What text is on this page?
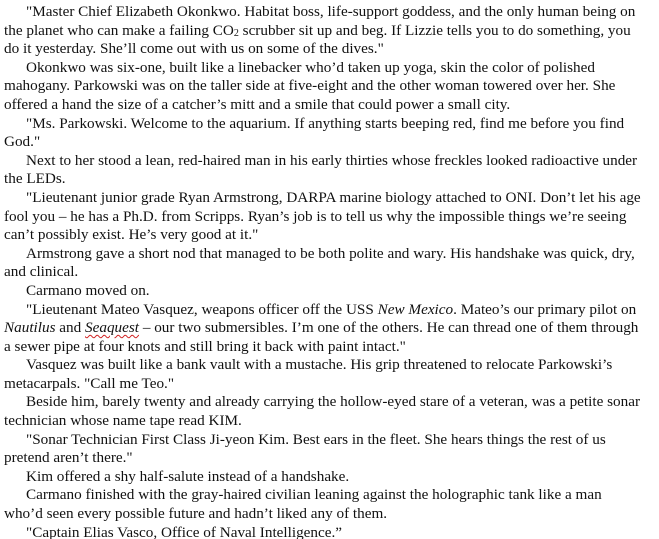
"Master Chief Elizabeth Okonkwo. Habitat boss, life-support goddess, and the only human being on the planet who can make a failing CO2 scrubber sit up and beg. If Lizzie tells you to do something, you do it yesterday. She’ll come out with us on some of the dives."

Okonkwo was six-one, built like a linebacker who’d taken up yoga, skin the color of polished mahogany. Parkowski was on the taller side at five-eight and the other woman towered over her. She offered a hand the size of a catcher’s mitt and a smile that could power a small city.

"Ms. Parkowski. Welcome to the aquarium. If anything starts beeping red, find me before you find God."

Next to her stood a lean, red-haired man in his early thirties whose freckles looked radioactive under the LEDs.

"Lieutenant junior grade Ryan Armstrong, DARPA marine biology attached to ONI. Don’t let his age fool you – he has a Ph.D. from Scripps. Ryan’s job is to tell us why the impossible things we’re seeing can’t possibly exist. He’s very good at it."

Armstrong gave a short nod that managed to be both polite and wary. His handshake was quick, dry, and clinical.

Carmano moved on.

"Lieutenant Mateo Vasquez, weapons officer off the USS New Mexico. Mateo’s our primary pilot on Nautilus and Seaquest – our two submersibles. I’m one of the others. He can thread one of them through a sewer pipe at four knots and still bring it back with paint intact."

Vasquez was built like a bank vault with a mustache. His grip threatened to relocate Parkowski’s metacarpals. "Call me Teo."

Beside him, barely twenty and already carrying the hollow-eyed stare of a veteran, was a petite sonar technician whose name tape read KIM.

"Sonar Technician First Class Ji-yeon Kim. Best ears in the fleet. She hears things the rest of us pretend aren’t there."

Kim offered a shy half-salute instead of a handshake.

Carmano finished with the gray-haired civilian leaning against the holographic tank like a man who’d seen every possible future and hadn’t liked any of them.

"Captain Elias Vasco, Office of Naval Intelligence.”
